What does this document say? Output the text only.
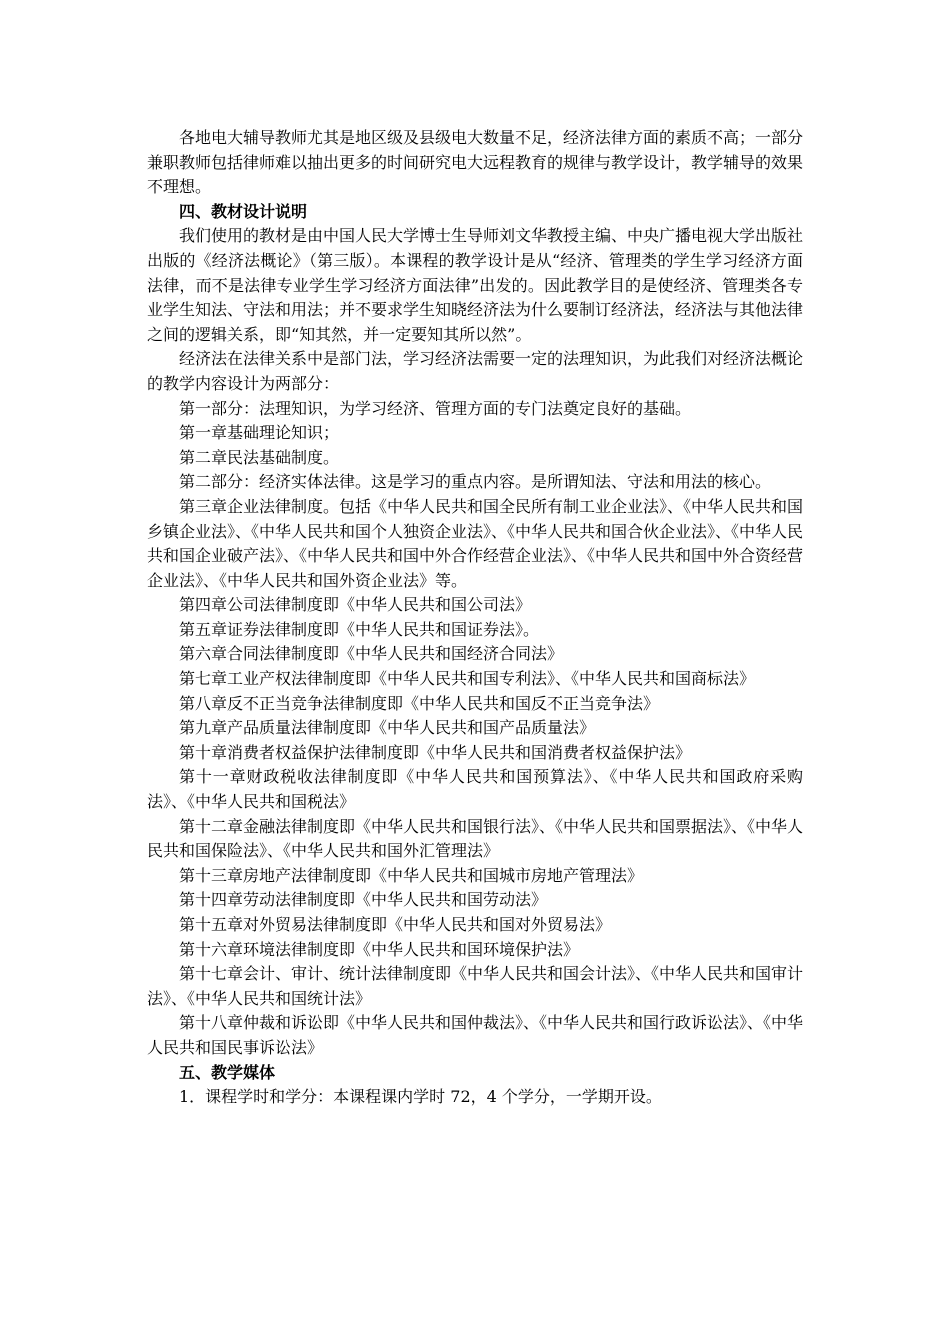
各地电大辅导教师尤其是地区级及县级电大数量不足，经济法律方面的素质不高；一部分兼职教师包括律师难以抽出更多的时间研究电大远程教育的规律与教学设计，教学辅导的效果不理想。

四、教材设计说明

我们使用的教材是由中国人民大学博士生导师刘文华教授主编、中央广播电视大学出版社出版的《经济法概论》（第三版）。本课程的教学设计是从“经济、管理类的学生学习经济方面法律，而不是法律专业学生学习经济方面法律”出发的。因此教学目的是使经济、管理类各专业学生知法、守法和用法；并不要求学生知晓经济法为什么要制订经济法，经济法与其他法律之间的逻辑关系，即“知其然，并一定要知其所以然”。

经济法在法律关系中是部门法，学习经济法需要一定的法理知识，为此我们对经济法概论的教学内容设计为两部分：

第一部分：法理知识，为学习经济、管理方面的专门法奠定良好的基础。

第一章基础理论知识；

第二章民法基础制度。

第二部分：经济实体法律。这是学习的重点内容。是所谓知法、守法和用法的核心。

第三章企业法律制度。包括《中华人民共和国全民所有制工业企业法》、《中华人民共和国乡镇企业法》、《中华人民共和国个人独资企业法》、《中华人民共和国合伙企业法》、《中华人民共和国企业破产法》、《中华人民共和国中外合作经营企业法》、《中华人民共和国中外合资经营企业法》、《中华人民共和国外资企业法》等。

第四章公司法律制度即《中华人民共和国公司法》

第五章证券法律制度即《中华人民共和国证券法》。

第六章合同法律制度即《中华人民共和国经济合同法》

第七章工业产权法律制度即《中华人民共和国专利法》、《中华人民共和国商标法》

第八章反不正当竞争法律制度即《中华人民共和国反不正当竞争法》

第九章产品质量法律制度即《中华人民共和国产品质量法》

第十章消费者权益保护法律制度即《中华人民共和国消费者权益保护法》

第十一章财政税收法律制度即《中华人民共和国预算法》、《中华人民共和国政府采购法》、《中华人民共和国税法》

第十二章金融法律制度即《中华人民共和国银行法》、《中华人民共和国票据法》、《中华人民共和国保险法》、《中华人民共和国外汇管理法》

第十三章房地产法律制度即《中华人民共和国城市房地产管理法》

第十四章劳动法律制度即《中华人民共和国劳动法》

第十五章对外贸易法律制度即《中华人民共和国对外贸易法》

第十六章环境法律制度即《中华人民共和国环境保护法》

第十七章会计、审计、统计法律制度即《中华人民共和国会计法》、《中华人民共和国审计法》、《中华人民共和国统计法》

第十八章仲裁和诉讼即《中华人民共和国仲裁法》、《中华人民共和国行政诉讼法》、《中华人民共和国民事诉讼法》

五、教学媒体

1．课程学时和学分：本课程课内学时 72，4 个学分，一学期开设。
